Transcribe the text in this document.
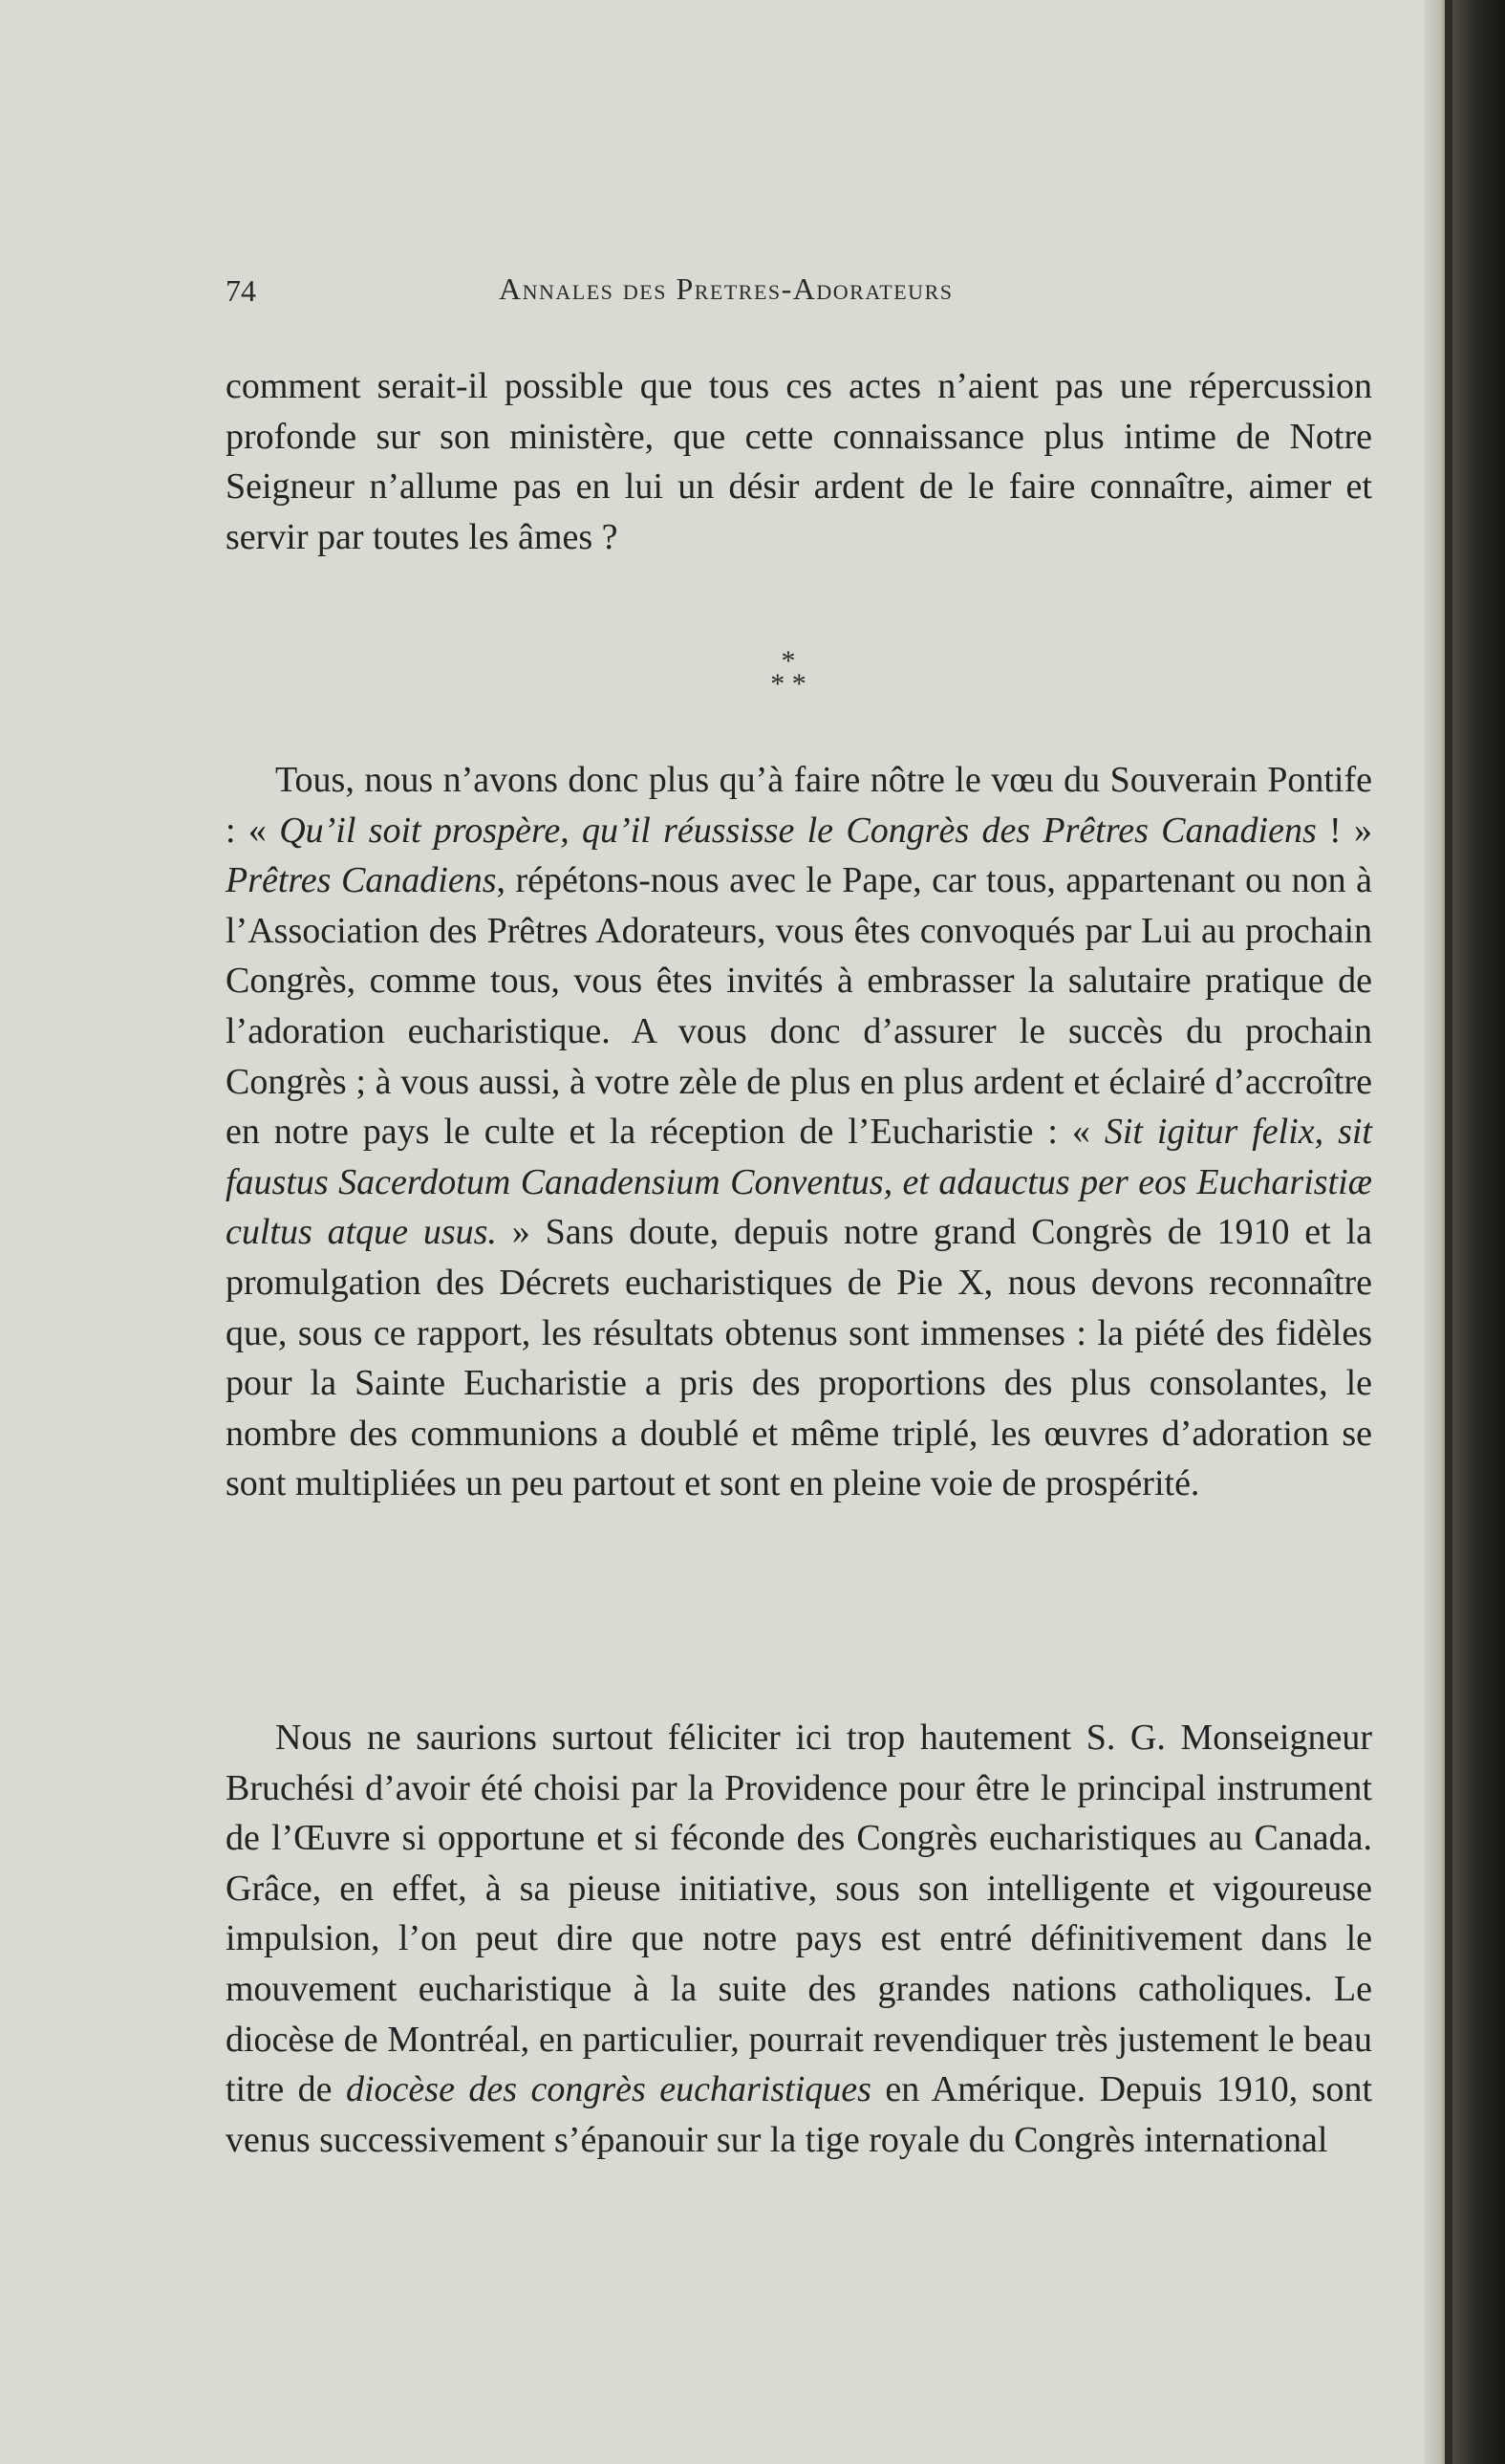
74	Annales des Pretres-Adorateurs
comment serait-il possible que tous ces actes n’aient pas une répercussion profonde sur son ministère, que cette connaissance plus intime de Notre Seigneur n’allume pas en lui un désir ardent de le faire connaître, aimer et servir par toutes les âmes ?
*
* *
Tous, nous n’avons donc plus qu’à faire nôtre le vœu du Souverain Pontife : « Qu’il soit prospère, qu’il réussisse le Congrès des Prêtres Canadiens ! » Prêtres Canadiens, répétons-nous avec le Pape, car tous, appartenant ou non à l’Association des Prêtres Adorateurs, vous êtes convoqués par Lui au prochain Congrès, comme tous, vous êtes invités à embrasser la salutaire pratique de l’adoration eucharistique. A vous donc d’assurer le succès du prochain Congrès ; à vous aussi, à votre zèle de plus en plus ardent et éclairé d’accroître en notre pays le culte et la réception de l’Eucharistie : « Sit igitur felix, sit faustus Sacerdotum Canadensium Conventus, et adauctus per eos Eucharistiæ cultus atque usus. » Sans doute, depuis notre grand Congrès de 1910 et la promulgation des Décrets eucharistiques de Pie X, nous devons reconnaître que, sous ce rapport, les résultats obtenus sont immenses : la piété des fidèles pour la Sainte Eucharistie a pris des proportions des plus consolantes, le nombre des communions a doublé et même triplé, les œuvres d’adoration se sont multipliées un peu partout et sont en pleine voie de prospérité.
Nous ne saurions surtout féliciter ici trop hautement S. G. Monseigneur Bruchési d’avoir été choisi par la Providence pour être le principal instrument de l’Œuvre si opportune et si féconde des Congrès eucharistiques au Canada. Grâce, en effet, à sa pieuse initiative, sous son intelligente et vigoureuse impulsion, l’on peut dire que notre pays est entré définitivement dans le mouvement eucharistique à la suite des grandes nations catholiques. Le diocèse de Montréal, en particulier, pourrait revendiquer très justement le beau titre de diocèse des congrès eucharistiques en Amérique. Depuis 1910, sont venus successivement s’épanouir sur la tige royale du Congrès international
